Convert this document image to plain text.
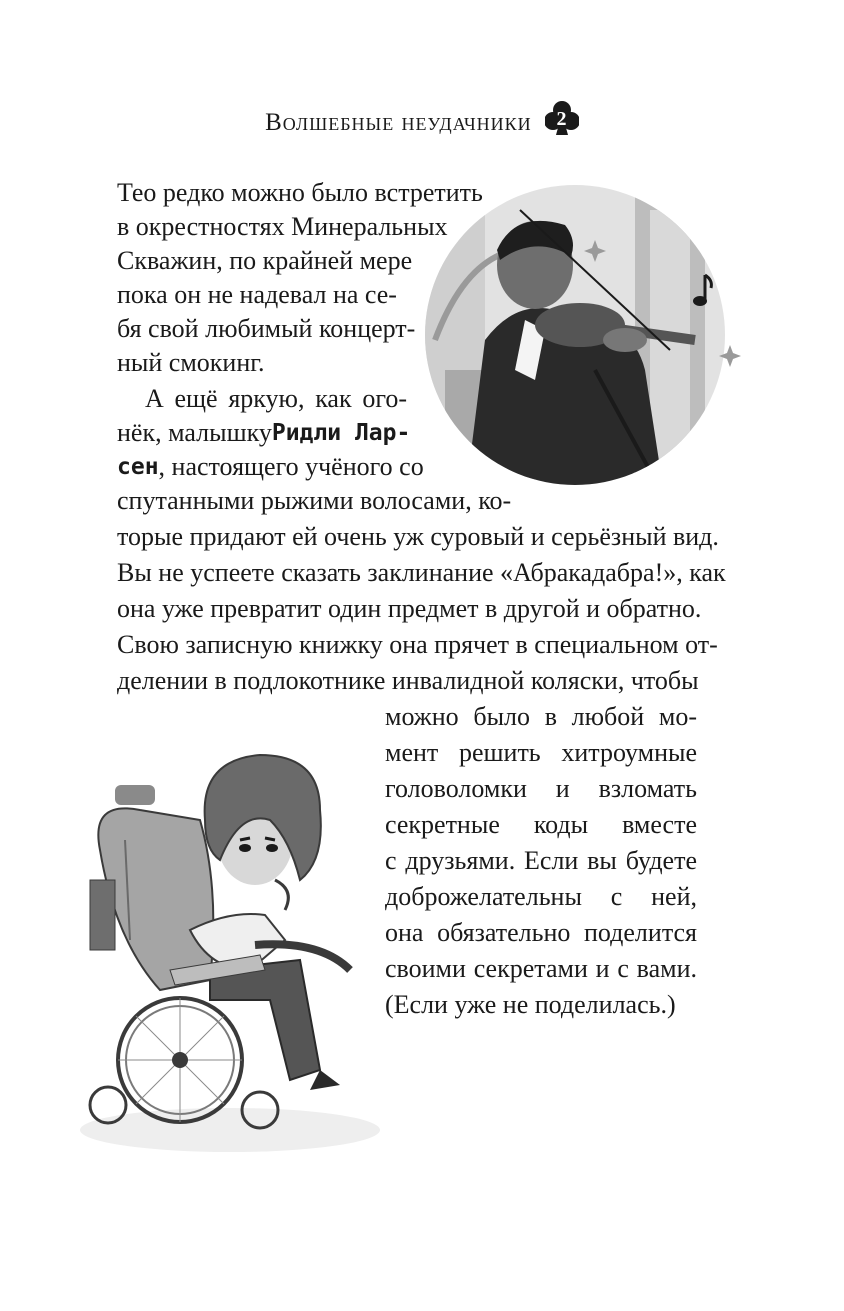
Волшебные неудачники 2
Тео редко можно было встретить
в окрестностях Минеральных
Скважин, по крайней мере
пока он не надевал на се-
бя свой любимый концерт-
ный смокинг.
А ещё яркую, как ого-
нёк, малышку Ридли Лар-
сен , настоящего учёного со
спутанными рыжими волосами, ко-
торые придают ей очень уж суровый и серьёзный вид.
Вы не успеете сказать заклинание «Абракадабра!», как
она уже превратит один предмет в другой и обратно.
Свою записную книжку она прячет в специальном от-
делении в подлокотнике инвалидной коляски, чтобы
можно было в любой мо-
мент решить хитроумные
головоломки и взломать
секретные коды вместе
с друзьями. Если вы будете
доброжелательны с ней,
она обязательно поделится
своими секретами и с вами.
(Если уже не поделилась.)
